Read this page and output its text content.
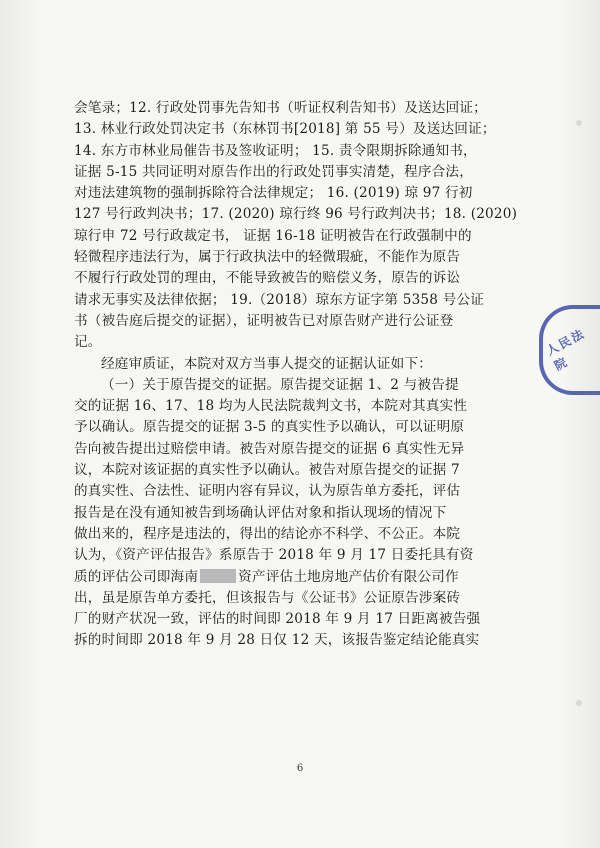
会笔录；12. 行政处罚事先告知书（听证权利告知书）及送达回证；
13. 林业行政处罚决定书（东林罚书[2018] 第 55 号）及送达回证；
14. 东方市林业局催告书及签收证明； 15. 责令限期拆除通知书，
证据 5-15 共同证明对原告作出的行政处罚事实清楚，程序合法，
对违法建筑物的强制拆除符合法律规定； 16. (2019) 琼 97 行初
127 号行政判决书；17. (2020) 琼行终 96 号行政判决书；18. (2020)
琼行申 72 号行政裁定书， 证据 16-18 证明被告在行政强制中的
轻微程序违法行为，属于行政执法中的轻微瑕疵，不能作为原告
不履行行政处罚的理由，不能导致被告的赔偿义务，原告的诉讼
请求无事实及法律依据； 19.（2018）琼东方证字第 5358 号公证
书（被告庭后提交的证据），证明被告已对原告财产进行公证登
记。
经庭审质证，本院对双方当事人提交的证据认证如下：
（一）关于原告提交的证据。原告提交证据 1、2 与被告提
交的证据 16、17、18 均为人民法院裁判文书，本院对其真实性
予以确认。原告提交的证据 3-5 的真实性予以确认，可以证明原
告向被告提出过赔偿申请。被告对原告提交的证据 6 真实性无异
议，本院对该证据的真实性予以确认。被告对原告提交的证据 7
的真实性、合法性、证明内容有异议，认为原告单方委托，评估
报告是在没有通知被告到场确认评估对象和指认现场的情况下
做出来的，程序是违法的，得出的结论亦不科学、不公正。本院
认为，《资产评估报告》系原告于 2018 年 9 月 17 日委托具有资
质的评估公司即海南	资产评估土地房地产估价有限公司作
出，虽是原告单方委托，但该报告与《公证书》公证原告涉案砖
厂的财产状况一致，评估的时间即 2018 年 9 月 17 日距离被告强
拆的时间即 2018 年 9 月 28 日仅 12 天，该报告鉴定结论能真实
人民法院
6
